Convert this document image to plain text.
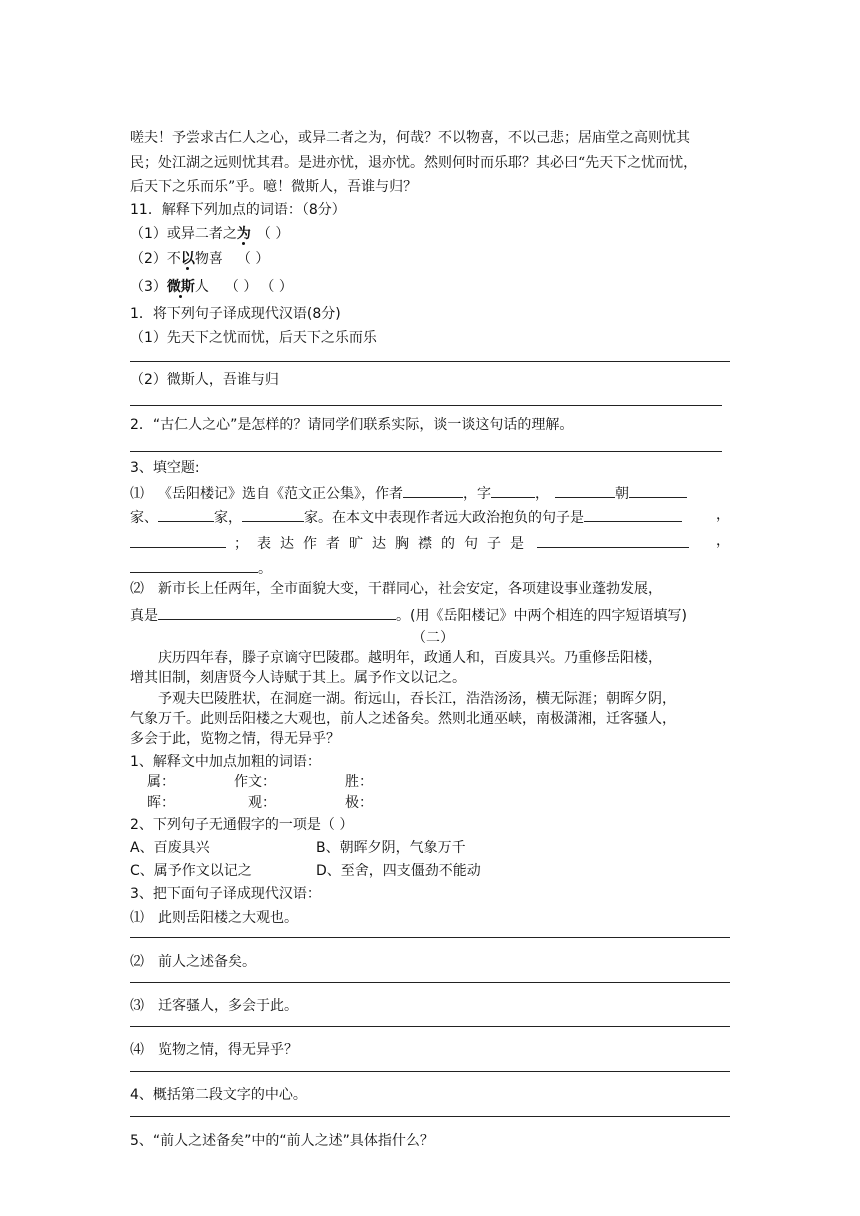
嗟夫！予尝求古仁人之心，或异二者之为，何哉？不以物喜，不以己悲；居庙堂之高则忧其
民；处江湖之远则忧其君。是进亦忧，退亦忧。然则何时而乐耶？其必曰“先天下之忧而忧，
后天下之乐而乐”乎。噫！微斯人，吾谁与归？
11．解释下列加点的词语：（8分）
（1）或异二者之为 （ ）
（2）不以物喜 （ ）
（3）微斯人 （ ） （ ）
1．将下列句子译成现代汉语(8分)
（1）先天下之忧而忧，后天下之乐而乐
（2）微斯人，吾谁与归
2．“古仁人之心”是怎样的？请同学们联系实际，谈一谈这句话的理解。
3、填空题:
⑴ 《岳阳楼记》选自《范文正公集》，作者	，字	，	朝
家、	家，	家。在本文中表现作者远大政治抱负的句子是	，
；表达作者旷达胸襟的句子是	，
。
⑵ 新市长上任两年，全市面貌大变，干群同心，社会安定，各项建设事业蓬勃发展，
真是	。(用《岳阳楼记》中两个相连的四字短语填写)
（二）
庆历四年春，滕子京谪守巴陵郡。越明年，政通人和，百废具兴。乃重修岳阳楼，
增其旧制，刻唐贤今人诗赋于其上。属予作文以记之。
予观夫巴陵胜状，在洞庭一湖。衔远山，吞长江，浩浩汤汤，横无际涯；朝晖夕阴，
气象万千。此则岳阳楼之大观也，前人之述备矣。然则北通巫峡，南极潇湘，迁客骚人，
多会于此，览物之情，得无异乎？
1、解释文中加点加粗的词语：
属：	作文：	胜：
晖：	观：	极：
2、下列句子无通假字的一项是（ ）
A、百废具兴	B、朝晖夕阴，气象万千
C、属予作文以记之	D、至舍，四支僵劲不能动
3、把下面句子译成现代汉语：
⑴ 此则岳阳楼之大观也。
⑵ 前人之述备矣。
⑶ 迁客骚人，多会于此。
⑷ 览物之情，得无异乎？
4、概括第二段文字的中心。
5、“前人之述备矣”中的“前人之述”具体指什么？
